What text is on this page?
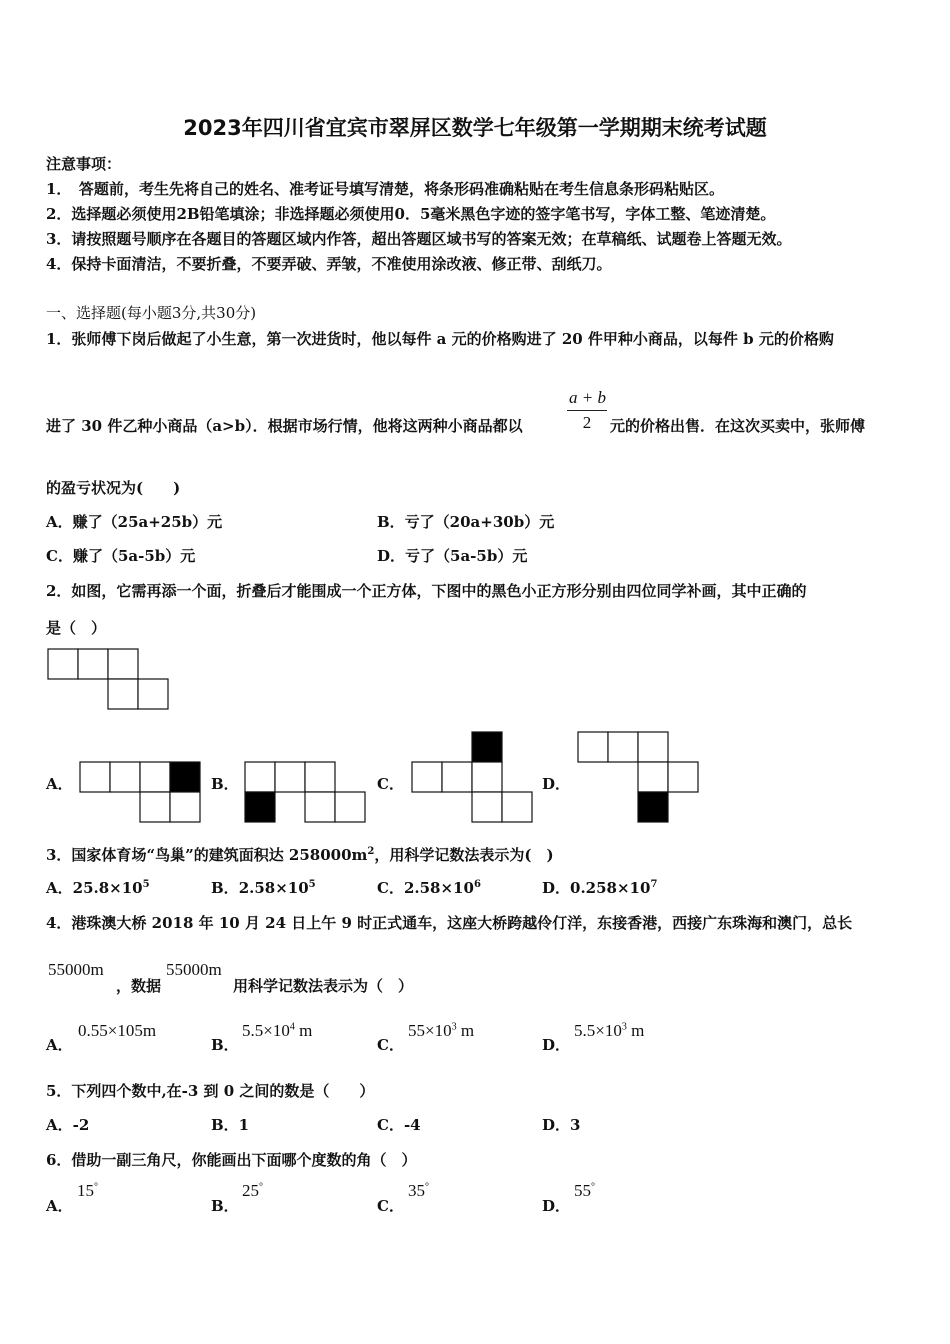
2023年四川省宜宾市翠屏区数学七年级第一学期期末统考试题
注意事项：
1．　答题前，考生先将自己的姓名、准考证号填写清楚，将条形码准确粘贴在考生信息条形码粘贴区。
2．选择题必须使用2B铅笔填涂；非选择题必须使用0．5毫米黑色字迹的签字笔书写，字体工整、笔迹清楚。
3．请按照题号顺序在各题目的答题区域内作答，超出答题区域书写的答案无效；在草稿纸、试题卷上答题无效。
4．保持卡面清洁，不要折叠，不要弄破、弄皱，不准使用涂改液、修正带、刮纸刀。
一、选择题(每小题3分,共30分)
1．张师傅下岗后做起了小生意，第一次进货时，他以每件 a 元的价格购进了 20 件甲种小商品，以每件 b 元的价格购
进了 30 件乙种小商品（a>b）．根据市场行情，他将这两种小商品都以	$\frac{a + b}{2}$ 元的价格出售．在这次买卖中，张师傅
的盈亏状况为(　　)
A．赚了（25a+25b）元	B．亏了（20a+30b）元
C．赚了（5a-5b）元	D．亏了（5a-5b）元
2．如图，它需再添一个面，折叠后才能围成一个正方体，下图中的黑色小正方形分别由四位同学补画，其中正确的
是（　）
A．	B．	C．	D．
3．国家体育场“鸟巢”的建筑面积达 $258000m^2$，用科学记数法表示为(　)
A．$25.8\times 10^5$	B．$2.58\times 10^5$	C．$2.58\times 10^6$	D．$0.258\times 10^7$
4．港珠澳大桥 2018 年 10 月 24 日上午 9 时正式通车，这座大桥跨越伶仃洋，东接香港，西接广东珠海和澳门，总长
55000m
，数据
55000m
用科学记数法表示为（　）
A．
0.55×105m
B．
$5.5\times 10^4$ m
C．
$55\times 10^3$ m
D．
$5.5\times 10^3$ m
5．下列四个数中,在-3 到 0 之间的数是（　　）
A．-2	B．1	C．-4	D．3
6．借助一副三角尺，你能画出下面哪个度数的角（　）
A．
15°
B．
25°
C．
35°
D．
55°
